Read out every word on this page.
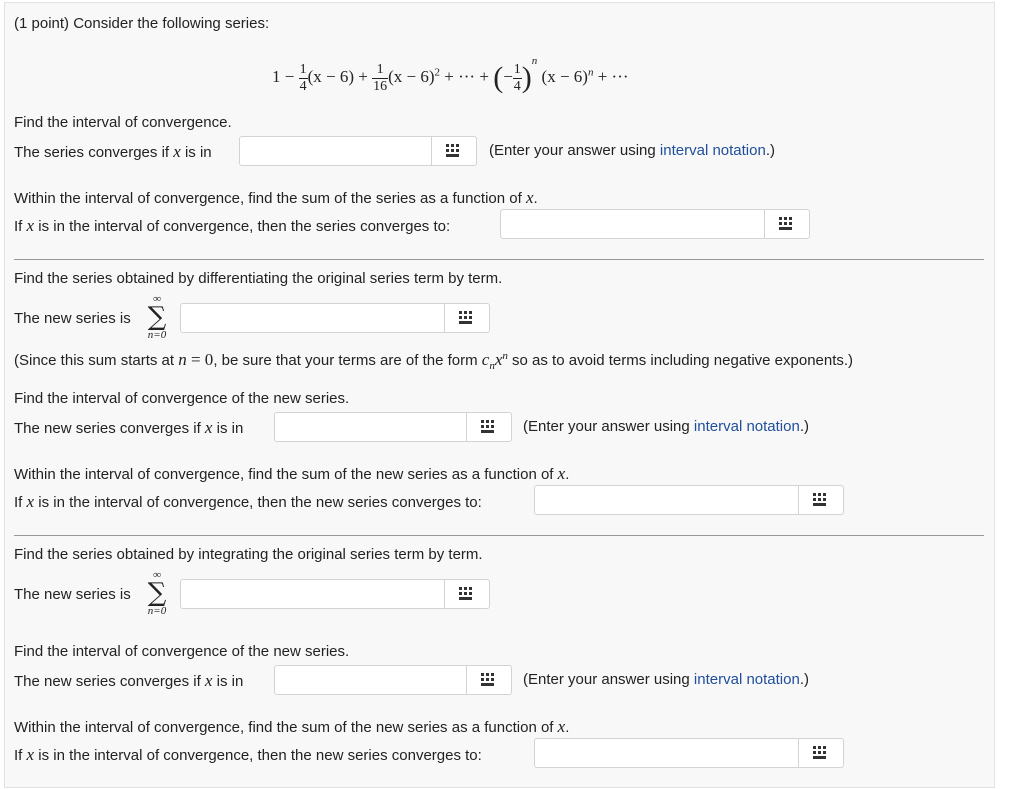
(1 point) Consider the following series:
$1 - \frac{1}{4} (x - 6) + \frac{1}{16} (x - 6)^2$ + ··· + (− $\frac{1}{4} )^n$ $(x - 6)^n$ + ···
Find the interval of convergence.
The series converges if x is in	(Enter your answer using interval notation.)
Within the interval of convergence, find the sum of the series as a function of x.
If x is in the interval of convergence, then the series converges to:
Find the series obtained by differentiating the original series term by term.
The new series is
∞
∑
n=0
(Since this sum starts at n = 0, be sure that your terms are of the form $c_nx^n$ so as to avoid terms including negative exponents.)
Find the interval of convergence of the new series.
The new series converges if x is in	(Enter your answer using interval notation.)
Within the interval of convergence, find the sum of the new series as a function of x.
If x is in the interval of convergence, then the new series converges to:
Find the series obtained by integrating the original series term by term.
The new series is
∞
∑
n=0
Find the interval of convergence of the new series.
The new series converges if x is in	(Enter your answer using interval notation.)
Within the interval of convergence, find the sum of the new series as a function of x.
If x is in the interval of convergence, then the new series converges to:
